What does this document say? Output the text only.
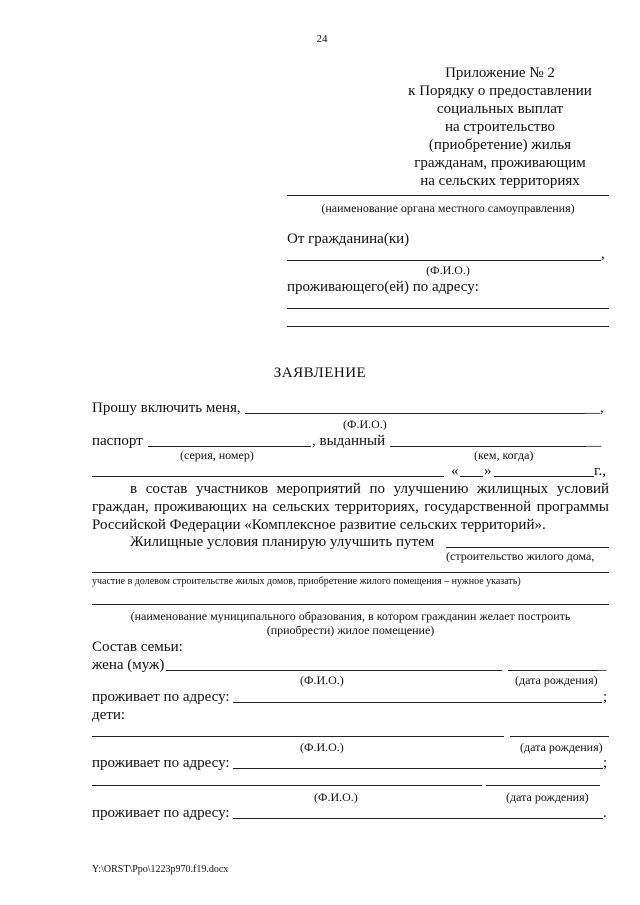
24
Приложение № 2
к Порядку о предоставлении
социальных выплат
на строительство
(приобретение) жилья
гражданам, проживающим
на сельских территориях
(наименование органа местного самоуправления)
От гражданина(ки)
,
(Ф.И.О.)
проживающего(ей) по адресу:
ЗАЯВЛЕНИЕ
Прошу включить меня,	__,
(Ф.И.О.)
паспорт	, выданный	__
(серия, номер)	(кем, когда)
« »	г.,
в состав участников мероприятий по улучшению жилищных условий
граждан, проживающих на сельских территориях, государственной программы
Российской Федерации «Комплексное развитие сельских территорий».
Жилищные условия планирую улучшить путем
(строительство жилого дома,
участие в долевом строительстве жилых домов, приобретение жилого помещения – нужное указать)
(наименование муниципального образования, в котором гражданин желает построить
(приобрести) жилое помещение)
Состав семьи:
жена (муж)	_
(Ф.И.О.)	(дата рождения)
проживает по адресу:	;
дети:
(Ф.И.О.)	(дата рождения)
проживает по адресу:	;
(Ф.И.О.)	(дата рождения)
проживает по адресу:	.
Y:\ORST\Ppo\1223p970.f19.docx
